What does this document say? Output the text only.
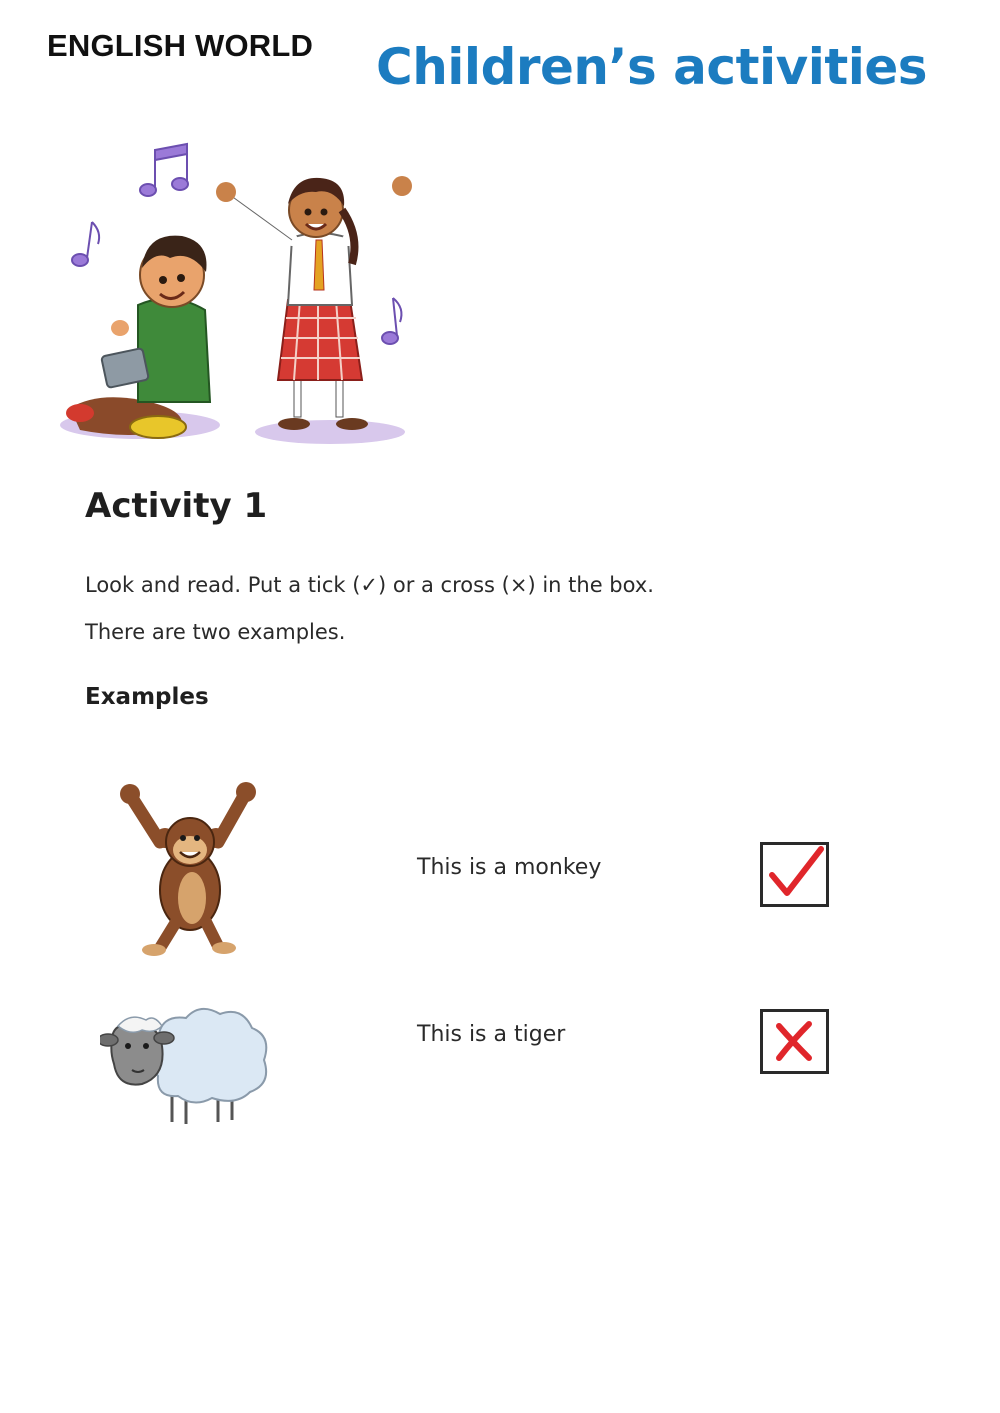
ENGLISH WORLD Children’s activities
Activity 1
Look and read. Put a tick (✓) or a cross (×) in the box.
There are two examples.
Examples
This is a monkey
This is a tiger
